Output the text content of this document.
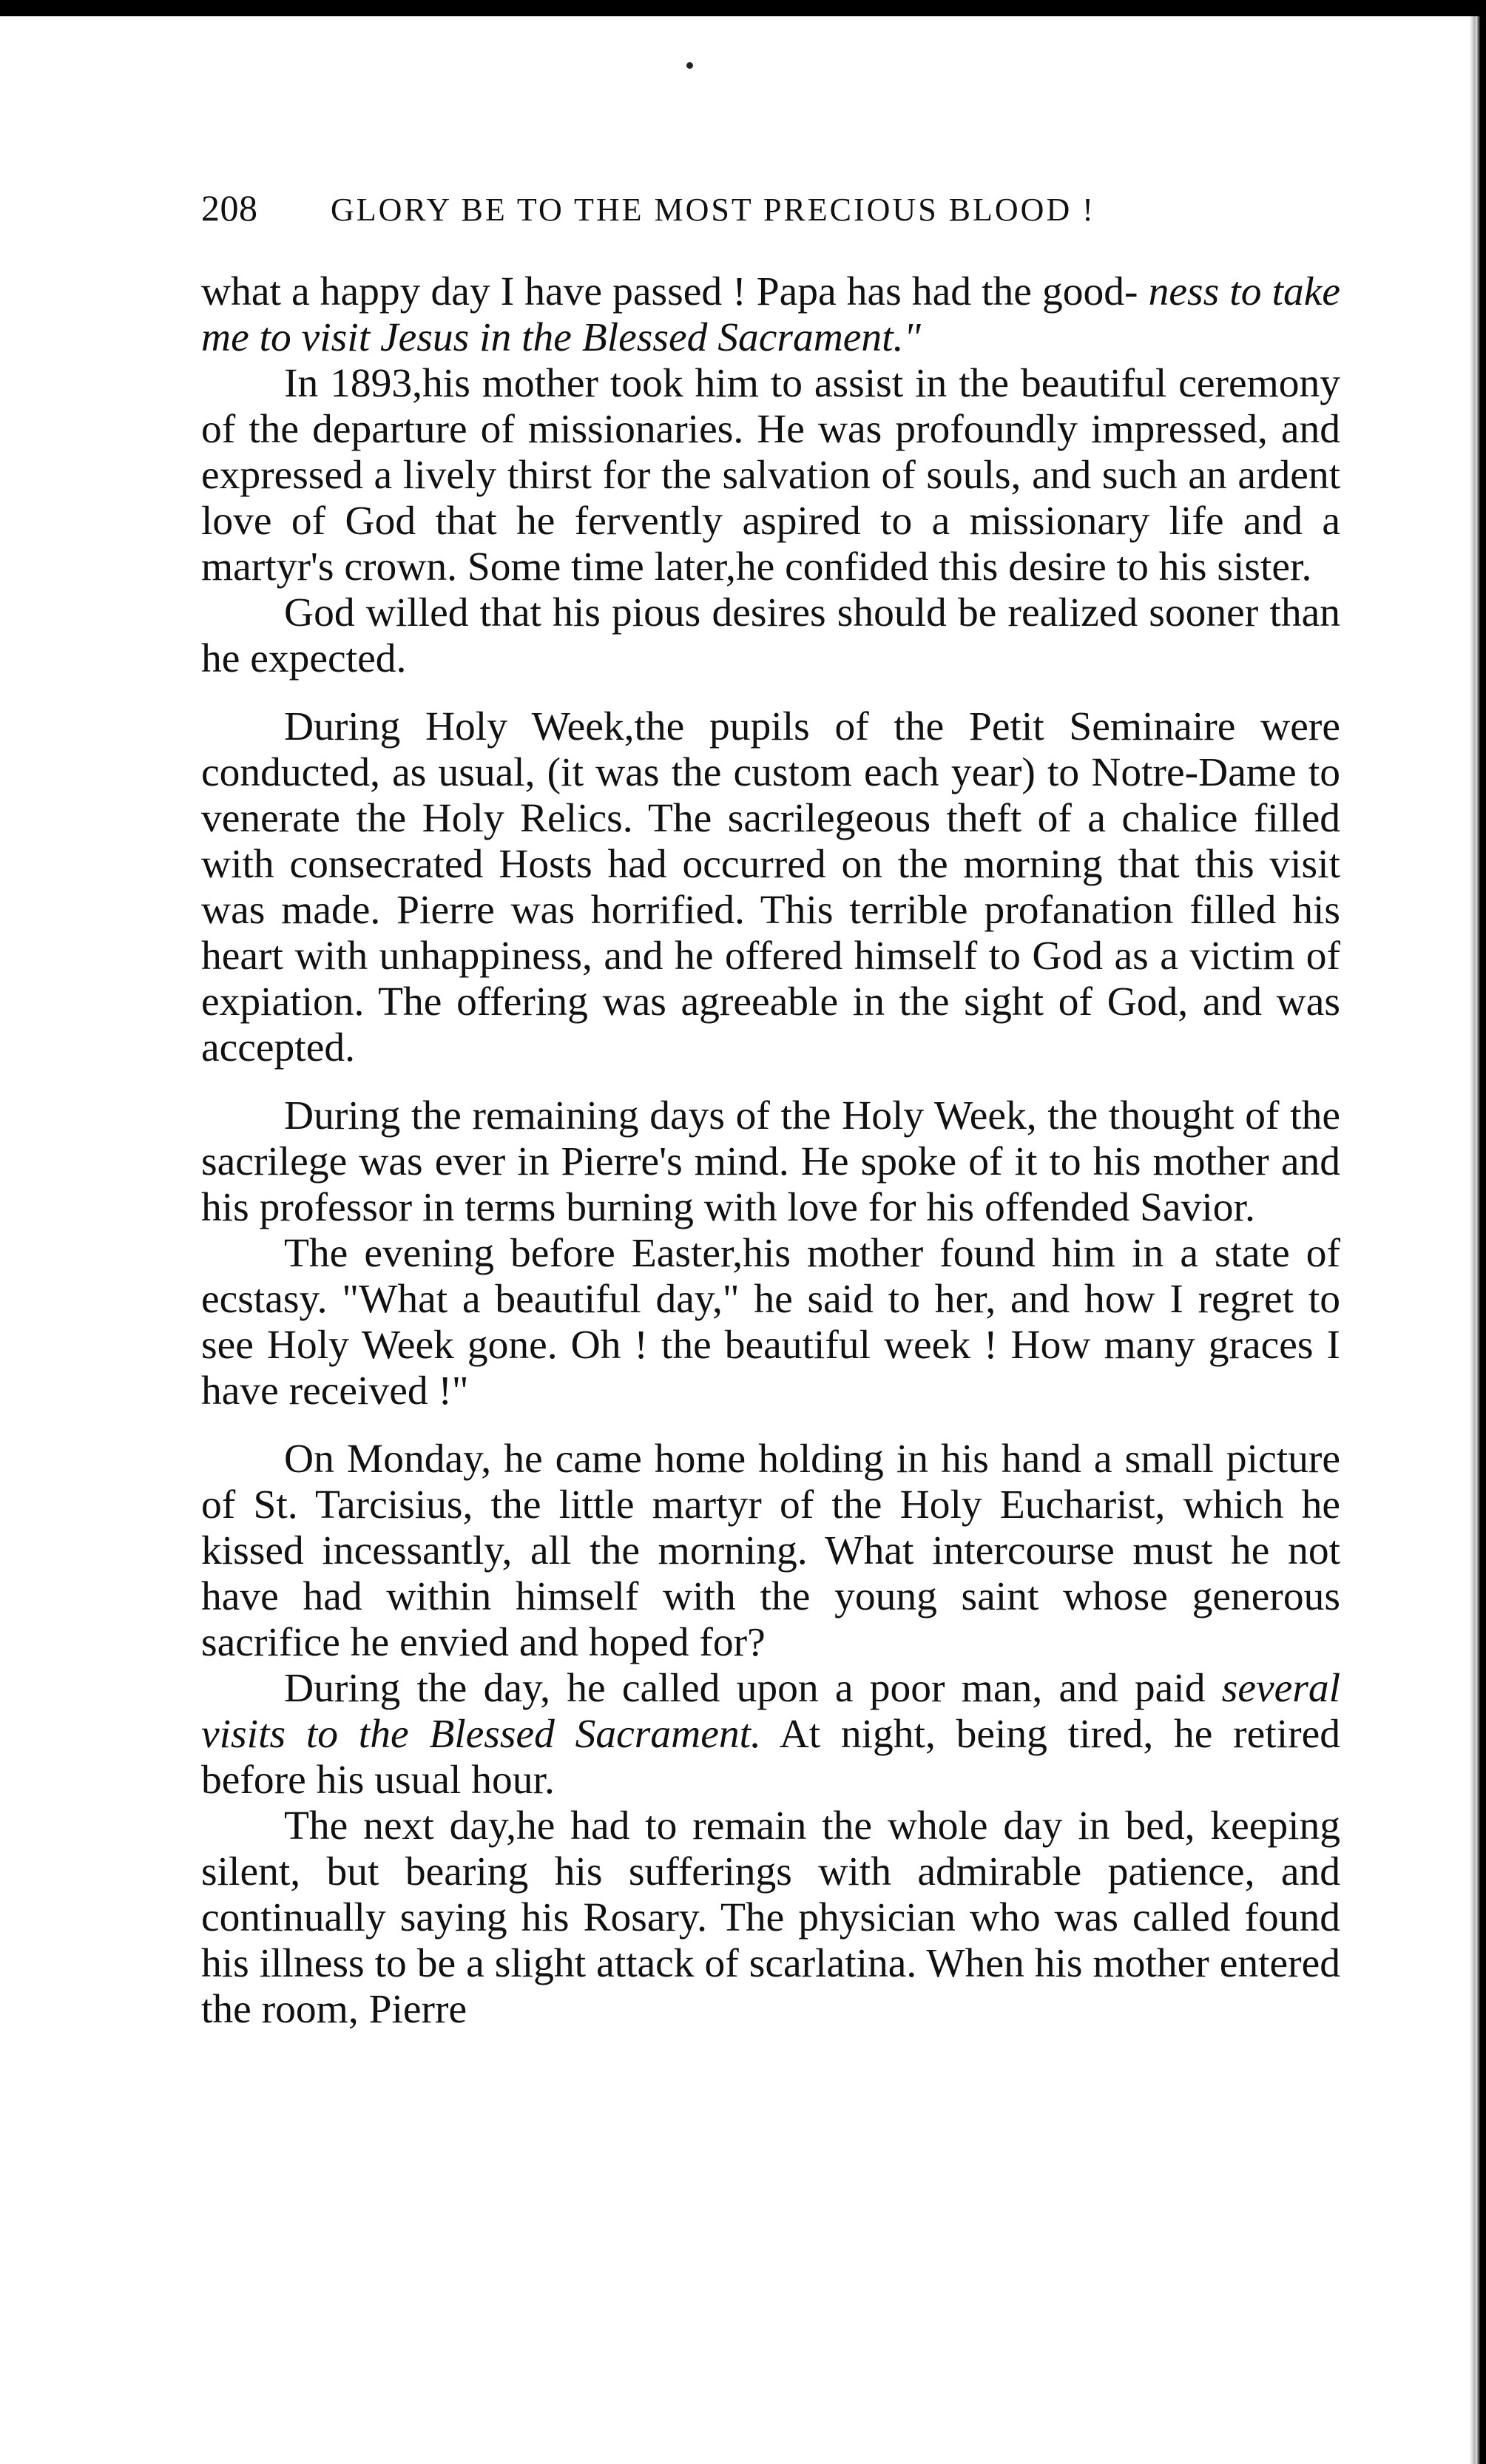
208	GLORY BE TO THE MOST PRECIOUS BLOOD !

what a happy day I have passed ! Papa has had the good- ness to take me to visit Jesus in the Blessed Sacrament."

In 1893,his mother took him to assist in the beautiful ceremony of the departure of missionaries. He was profoundly impressed, and expressed a lively thirst for the salvation of souls, and such an ardent love of God that he fervently aspired to a missionary life and a martyr's crown. Some time later,he confided this desire to his sister.

God willed that his pious desires should be realized sooner than he expected.

During Holy Week,the pupils of the Petit Seminaire were conducted, as usual, (it was the custom each year) to Notre-Dame to venerate the Holy Relics. The sacrilegeous theft of a chalice filled with consecrated Hosts had occurred on the morning that this visit was made. Pierre was horrified. This terrible profanation filled his heart with unhappiness, and he offered himself to God as a victim of expiation. The offering was agreeable in the sight of God, and was accepted.

During the remaining days of the Holy Week, the thought of the sacrilege was ever in Pierre's mind. He spoke of it to his mother and his professor in terms burning with love for his offended Savior.

The evening before Easter,his mother found him in a state of ecstasy. "What a beautiful day," he said to her, and how I regret to see Holy Week gone. Oh ! the beautiful week ! How many graces I have received !"

On Monday, he came home holding in his hand a small picture of St. Tarcisius, the little martyr of the Holy Eucharist, which he kissed incessantly, all the morning. What intercourse must he not have had within himself with the young saint whose generous sacrifice he envied and hoped for?

During the day, he called upon a poor man, and paid several visits to the Blessed Sacrament. At night, being tired, he retired before his usual hour.

The next day,he had to remain the whole day in bed, keeping silent, but bearing his sufferings with admirable patience, and continually saying his Rosary. The physician who was called found his illness to be a slight attack of scarlatina. When his mother entered the room, Pierre
